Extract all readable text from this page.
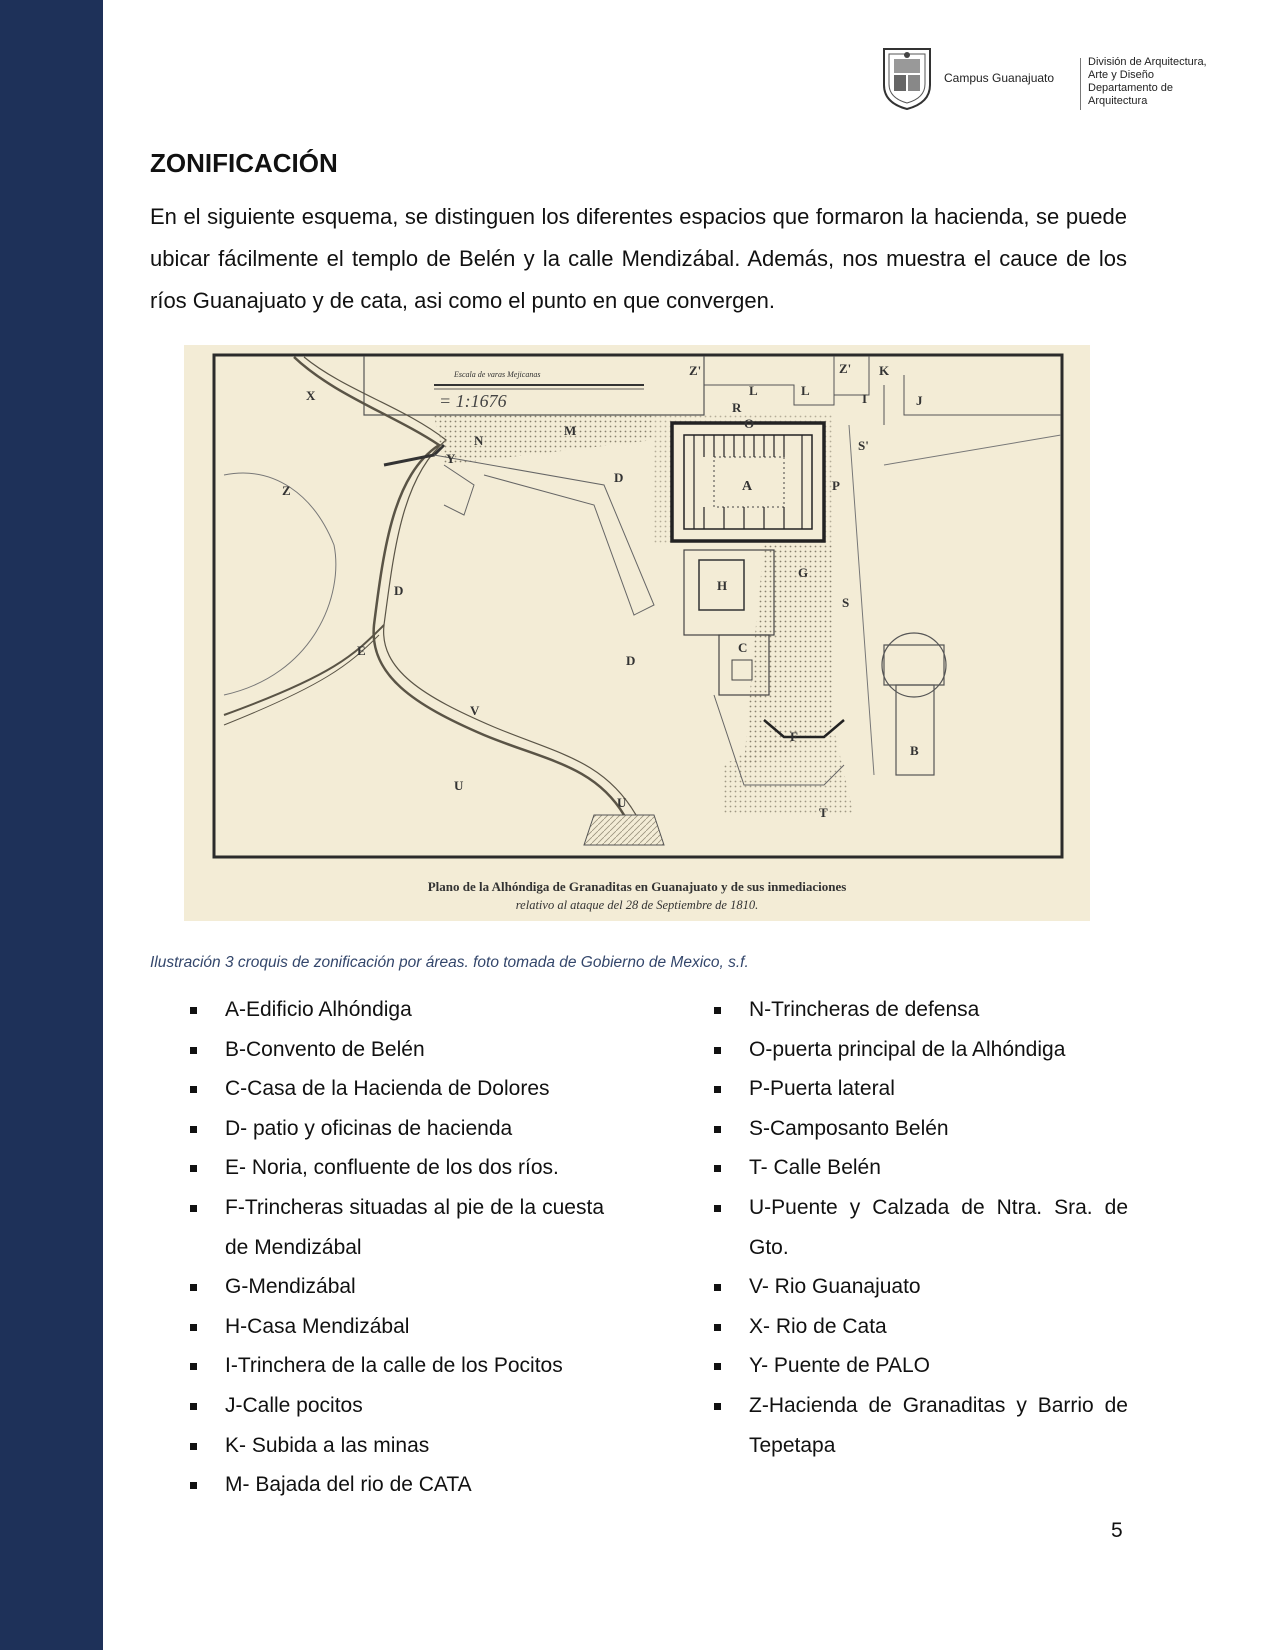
Campus Guanajuato
División de Arquitectura,
Arte y Diseño
Departamento de
Arquitectura
ZONIFICACIÓN

En el siguiente esquema, se distinguen los diferentes espacios que formaron la hacienda, se puede ubicar fácilmente el templo de Belén y la calle Mendizábal. Además, nos muestra el cauce de los ríos Guanajuato y de cata, asi como el punto en que convergen.

Escala de varas Mejicanas
= 1:1676
Z'	Z' K
L	L
R
O
I	J
X
N
M
Y
S'
D
A	P
Z
H
G
D
S
E	C
D
V
B
F
U
U
T
Plano de la Alhóndiga de Granaditas en Guanajuato y de sus inmediaciones
relativo al ataque del 28 de Septiembre de 1810.
Ilustración 3 croquis de zonificación por áreas. foto tomada de Gobierno de Mexico, s.f.
A-Edificio Alhóndiga
B-Convento de Belén
C-Casa de la Hacienda de Dolores
D- patio y oficinas de hacienda
E- Noria, confluente de los dos ríos.
F-Trincheras situadas al pie de la cuesta de Mendizábal
G-Mendizábal
H-Casa Mendizábal
I-Trinchera de la calle de los Pocitos
J-Calle pocitos
K- Subida a las minas
M- Bajada del rio de CATA
N-Trincheras de defensa
O-puerta principal de la Alhóndiga
P-Puerta lateral
S-Camposanto Belén
T- Calle Belén
U-Puente y Calzada de Ntra. Sra. de Gto.
V- Rio Guanajuato
X- Rio de Cata
Y- Puente de PALO
Z-Hacienda de Granaditas y Barrio de Tepetapa
5
